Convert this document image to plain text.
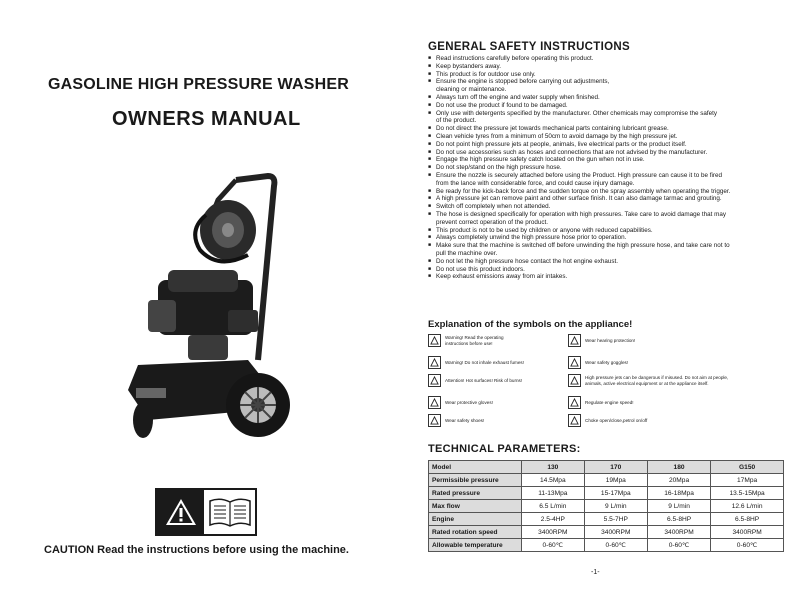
GASOLINE HIGH PRESSURE WASHER
OWNERS MANUAL
CAUTION Read the instructions before using the machine.
GENERAL SAFETY INSTRUCTIONS
■ Read instructions carefully before operating this product.
■ Keep bystanders away.
■ This product is for outdoor use only.
■ Ensure the engine is stopped before carrying out adjustments,
cleaning or maintenance.
■ Always turn off the engine and water supply when finished.
■ Do not use the product if found to be damaged.
■ Only use with detergents specified by the manufacturer. Other chemicals may compromise the safety
of the product.
■ Do not direct the pressure jet towards mechanical parts containing lubricant grease.
■ Clean vehicle tyres from a minimum of 50cm to avoid damage by the high pressure jet.
■ Do not point high pressure jets at people, animals, live electrical parts or the product itself.
■ Do not use accessories such as hoses and connections that are not advised by the manufacturer.
■ Engage the high pressure safety catch located on the gun when not in use.
■ Do not step/stand on the high pressure hose.
■ Ensure the nozzle is securely attached before using the Product. High pressure can cause it to be fired
from the lance with considerable force, and could cause injury damage.
■ Be ready for the kick-back force and the sudden torque on the spray assembly when operating the trigger.
■ A high pressure jet can remove paint and other surface finish. It can also damage tarmac and grouting.
■ Switch off completely when not attended.
■ The hose is designed specifically for operation with high pressures. Take care to avoid damage that may
prevent correct operation of the product.
■ This product is not to be used by children or anyone with reduced capabilities.
■ Always completely unwind the high pressure hose prior to operation.
■ Make sure that the machine is switched off before unwinding the high pressure hose, and take care not to
pull the machine over.
■ Do not let the high pressure hose contact the hot engine exhaust.
■ Do not use this product indoors.
■ Keep exhaust emissions away from air intakes.
Explanation of the symbols on the appliance!
Warning! Read the operating
instructions before use!
Wear hearing protection!
Warning! Do not inhale exhaust fumes!	Wear safety goggles!
Attention! Hot surfaces! Risk of burns!
High pressure jets can be dangerous if misused. Do not aim at people,
animals, active electrical equipment or at the appliance itself.
Wear protective gloves!	Regulate engine speed!
Wear safety shoes!	Choke open/close,petrol on/off
TECHNICAL PARAMETERS:
Model	130	170	180	G150
Permissible pressure	14.5Mpa	19Mpa	20Mpa	17Mpa
Rated pressure	11-13Mpa	15-17Mpa	16-18Mpa	13.5-15Mpa
Max flow	6.5 L/min	9 L/min	9 L/min	12.6 L/min
Engine	2.5-4HP	5.5-7HP	6.5-8HP	6.5-8HP
Rated rotation speed	3400RPM	3400RPM	3400RPM	3400RPM
Allowable temperature	0-60℃	0-60℃	0-60℃	0-60℃
-1-
